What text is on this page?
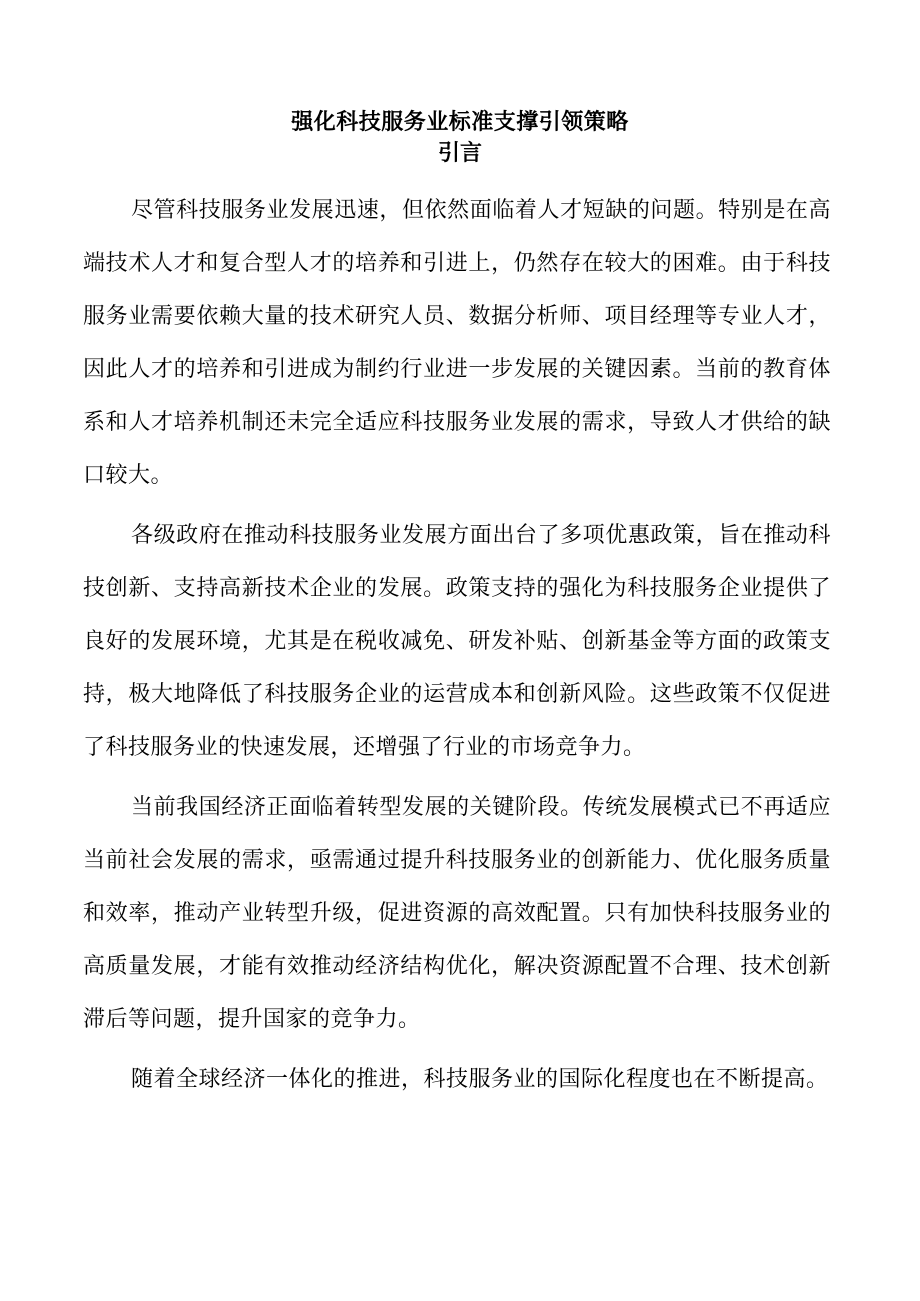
强化科技服务业标准支撑引领策略
引言

尽管科技服务业发展迅速，但依然面临着人才短缺的问题。特别是在高端技术人才和复合型人才的培养和引进上，仍然存在较大的困难。由于科技服务业需要依赖大量的技术研究人员、数据分析师、项目经理等专业人才，因此人才的培养和引进成为制约行业进一步发展的关键因素。当前的教育体系和人才培养机制还未完全适应科技服务业发展的需求，导致人才供给的缺口较大。

各级政府在推动科技服务业发展方面出台了多项优惠政策，旨在推动科技创新、支持高新技术企业的发展。政策支持的强化为科技服务企业提供了良好的发展环境，尤其是在税收减免、研发补贴、创新基金等方面的政策支持，极大地降低了科技服务企业的运营成本和创新风险。这些政策不仅促进了科技服务业的快速发展，还增强了行业的市场竞争力。

当前我国经济正面临着转型发展的关键阶段。传统发展模式已不再适应当前社会发展的需求，亟需通过提升科技服务业的创新能力、优化服务质量和效率，推动产业转型升级，促进资源的高效配置。只有加快科技服务业的高质量发展，才能有效推动经济结构优化，解决资源配置不合理、技术创新滞后等问题，提升国家的竞争力。

随着全球经济一体化的推进，科技服务业的国际化程度也在不断提高。
